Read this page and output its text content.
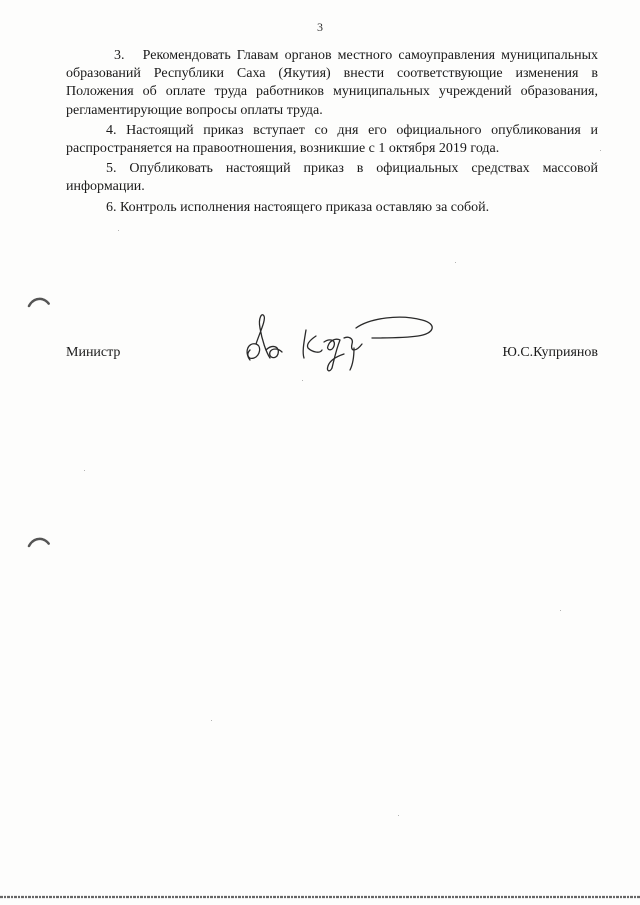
3

3.   Рекомендовать Главам органов местного самоуправления муниципальных образований Республики Саха (Якутия) внести соответствующие изменения в Положения об оплате труда работников муниципальных учреждений образования, регламентирующие вопросы оплаты труда.

4. Настоящий приказ вступает со дня его официального опубликования и распространяется на правоотношения, возникшие с 1 октября 2019 года.

5. Опубликовать настоящий приказ в официальных средствах массовой информации.

6. Контроль исполнения настоящего приказа оставляю за собой.

Министр	Ю.С.Куприянов
